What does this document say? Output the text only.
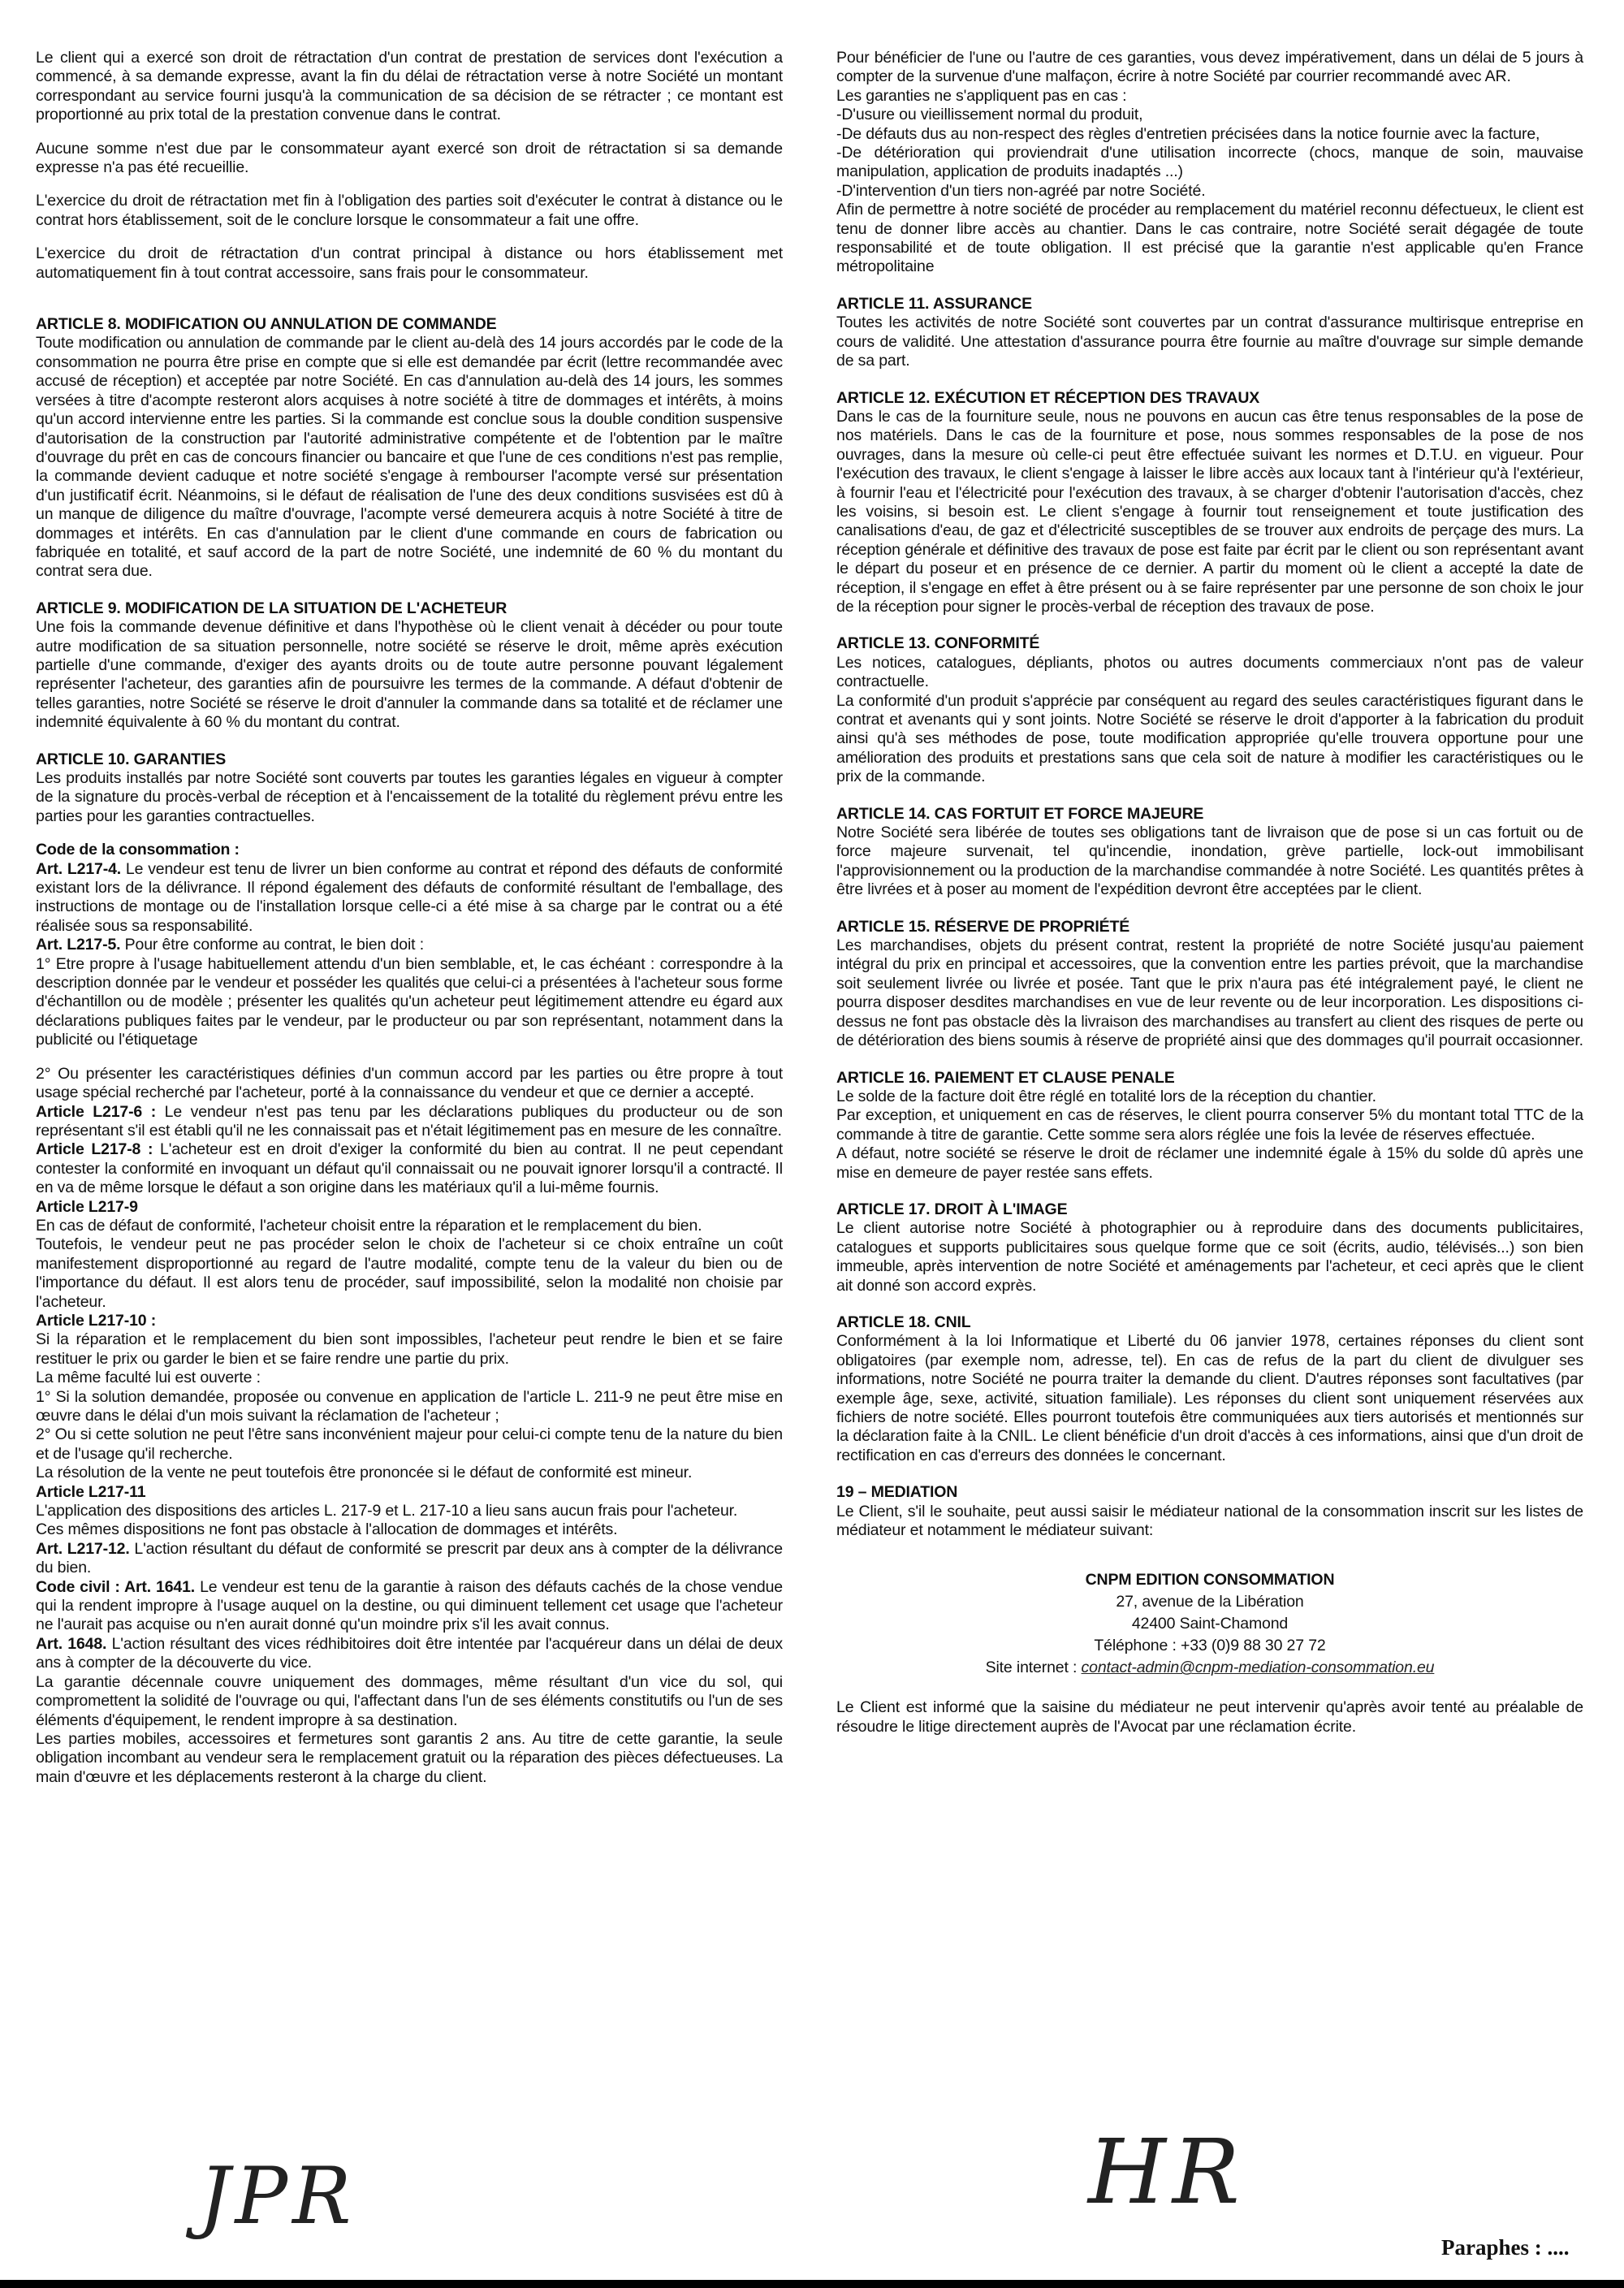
Le client qui a exercé son droit de rétractation d'un contrat de prestation de services dont l'exécution a commencé, à sa demande expresse, avant la fin du délai de rétractation verse à notre Société un montant correspondant au service fourni jusqu'à la communication de sa décision de se rétracter ; ce montant est proportionné au prix total de la prestation convenue dans le contrat.

Aucune somme n'est due par le consommateur ayant exercé son droit de rétractation si sa demande expresse n'a pas été recueillie.

L'exercice du droit de rétractation met fin à l'obligation des parties soit d'exécuter le contrat à distance ou le contrat hors établissement, soit de le conclure lorsque le consommateur a fait une offre.

L'exercice du droit de rétractation d'un contrat principal à distance ou hors établissement met automatiquement fin à tout contrat accessoire, sans frais pour le consommateur.

ARTICLE 8. MODIFICATION OU ANNULATION DE COMMANDE

Toute modification ou annulation de commande par le client au-delà des 14 jours accordés par le code de la consommation ne pourra être prise en compte que si elle est demandée par écrit (lettre recommandée avec accusé de réception) et acceptée par notre Société. En cas d'annulation au-delà des 14 jours, les sommes versées à titre d'acompte resteront alors acquises à notre société à titre de dommages et intérêts, à moins qu'un accord intervienne entre les parties. Si la commande est conclue sous la double condition suspensive d'autorisation de la construction par l'autorité administrative compétente et de l'obtention par le maître d'ouvrage du prêt en cas de concours financier ou bancaire et que l'une de ces conditions n'est pas remplie, la commande devient caduque et notre société s'engage à rembourser l'acompte versé sur présentation d'un justificatif écrit. Néanmoins, si le défaut de réalisation de l'une des deux conditions susvisées est dû à un manque de diligence du maître d'ouvrage, l'acompte versé demeurera acquis à notre Société à titre de dommages et intérêts. En cas d'annulation par le client d'une commande en cours de fabrication ou fabriquée en totalité, et sauf accord de la part de notre Société, une indemnité de 60 % du montant du contrat sera due.

ARTICLE 9. MODIFICATION DE LA SITUATION DE L'ACHETEUR

Une fois la commande devenue définitive et dans l'hypothèse où le client venait à décéder ou pour toute autre modification de sa situation personnelle, notre société se réserve le droit, même après exécution partielle d'une commande, d'exiger des ayants droits ou de toute autre personne pouvant légalement représenter l'acheteur, des garanties afin de poursuivre les termes de la commande. A défaut d'obtenir de telles garanties, notre Société se réserve le droit d'annuler la commande dans sa totalité et de réclamer une indemnité équivalente à 60 % du montant du contrat.

ARTICLE 10. GARANTIES

Les produits installés par notre Société sont couverts par toutes les garanties légales en vigueur à compter de la signature du procès-verbal de réception et à l'encaissement de la totalité du règlement prévu entre les parties pour les garanties contractuelles.

Code de la consommation :

Art. L217-4. Le vendeur est tenu de livrer un bien conforme au contrat et répond des défauts de conformité existant lors de la délivrance. Il répond également des défauts de conformité résultant de l'emballage, des instructions de montage ou de l'installation lorsque celle-ci a été mise à sa charge par le contrat ou a été réalisée sous sa responsabilité.

Art. L217-5. Pour être conforme au contrat, le bien doit :

1° Etre propre à l'usage habituellement attendu d'un bien semblable, et, le cas échéant : correspondre à la description donnée par le vendeur et posséder les qualités que celui-ci a présentées à l'acheteur sous forme d'échantillon ou de modèle ; présenter les qualités qu'un acheteur peut légitimement attendre eu égard aux déclarations publiques faites par le vendeur, par le producteur ou par son représentant, notamment dans la publicité ou l'étiquetage

2° Ou présenter les caractéristiques définies d'un commun accord par les parties ou être propre à tout usage spécial recherché par l'acheteur, porté à la connaissance du vendeur et que ce dernier a accepté.

Article L217-6 : Le vendeur n'est pas tenu par les déclarations publiques du producteur ou de son représentant s'il est établi qu'il ne les connaissait pas et n'était légitimement pas en mesure de les connaître.

Article L217-8 : L'acheteur est en droit d'exiger la conformité du bien au contrat. Il ne peut cependant contester la conformité en invoquant un défaut qu'il connaissait ou ne pouvait ignorer lorsqu'il a contracté. Il en va de même lorsque le défaut a son origine dans les matériaux qu'il a lui-même fournis.

Article L217-9

En cas de défaut de conformité, l'acheteur choisit entre la réparation et le remplacement du bien.

Toutefois, le vendeur peut ne pas procéder selon le choix de l'acheteur si ce choix entraîne un coût manifestement disproportionné au regard de l'autre modalité, compte tenu de la valeur du bien ou de l'importance du défaut. Il est alors tenu de procéder, sauf impossibilité, selon la modalité non choisie par l'acheteur.

Article L217-10 :

Si la réparation et le remplacement du bien sont impossibles, l'acheteur peut rendre le bien et se faire restituer le prix ou garder le bien et se faire rendre une partie du prix.

La même faculté lui est ouverte :

1° Si la solution demandée, proposée ou convenue en application de l'article L. 211-9 ne peut être mise en œuvre dans le délai d'un mois suivant la réclamation de l'acheteur ;

2° Ou si cette solution ne peut l'être sans inconvénient majeur pour celui-ci compte tenu de la nature du bien et de l'usage qu'il recherche.

La résolution de la vente ne peut toutefois être prononcée si le défaut de conformité est mineur.

Article L217-11

L'application des dispositions des articles L. 217-9 et L. 217-10 a lieu sans aucun frais pour l'acheteur.

Ces mêmes dispositions ne font pas obstacle à l'allocation de dommages et intérêts.

Art. L217-12. L'action résultant du défaut de conformité se prescrit par deux ans à compter de la délivrance du bien.

Code civil : Art. 1641. Le vendeur est tenu de la garantie à raison des défauts cachés de la chose vendue qui la rendent impropre à l'usage auquel on la destine, ou qui diminuent tellement cet usage que l'acheteur ne l'aurait pas acquise ou n'en aurait donné qu'un moindre prix s'il les avait connus.

Art. 1648. L'action résultant des vices rédhibitoires doit être intentée par l'acquéreur dans un délai de deux ans à compter de la découverte du vice.

La garantie décennale couvre uniquement des dommages, même résultant d'un vice du sol, qui compromettent la solidité de l'ouvrage ou qui, l'affectant dans l'un de ses éléments constitutifs ou l'un de ses éléments d'équipement, le rendent impropre à sa destination.

Les parties mobiles, accessoires et fermetures sont garantis 2 ans. Au titre de cette garantie, la seule obligation incombant au vendeur sera le remplacement gratuit ou la réparation des pièces défectueuses. La main d'œuvre et les déplacements resteront à la charge du client.

Pour bénéficier de l'une ou l'autre de ces garanties, vous devez impérativement, dans un délai de 5 jours à compter de la survenue d'une malfaçon, écrire à notre Société par courrier recommandé avec AR.

Les garanties ne s'appliquent pas en cas :

-D'usure ou vieillissement normal du produit,

-De défauts dus au non-respect des règles d'entretien précisées dans la notice fournie avec la facture,

-De détérioration qui proviendrait d'une utilisation incorrecte (chocs, manque de soin, mauvaise manipulation, application de produits inadaptés ...)

-D'intervention d'un tiers non-agréé par notre Société.

Afin de permettre à notre société de procéder au remplacement du matériel reconnu défectueux, le client est tenu de donner libre accès au chantier. Dans le cas contraire, notre Société serait dégagée de toute responsabilité et de toute obligation. Il est précisé que la garantie n'est applicable qu'en France métropolitaine

ARTICLE 11. ASSURANCE

Toutes les activités de notre Société sont couvertes par un contrat d'assurance multirisque entreprise en cours de validité. Une attestation d'assurance pourra être fournie au maître d'ouvrage sur simple demande de sa part.

ARTICLE 12. EXÉCUTION ET RÉCEPTION DES TRAVAUX

Dans le cas de la fourniture seule, nous ne pouvons en aucun cas être tenus responsables de la pose de nos matériels. Dans le cas de la fourniture et pose, nous sommes responsables de la pose de nos ouvrages, dans la mesure où celle-ci peut être effectuée suivant les normes et D.T.U. en vigueur. Pour l'exécution des travaux, le client s'engage à laisser le libre accès aux locaux tant à l'intérieur qu'à l'extérieur, à fournir l'eau et l'électricité pour l'exécution des travaux, à se charger d'obtenir l'autorisation d'accès, chez les voisins, si besoin est. Le client s'engage à fournir tout renseignement et toute justification des canalisations d'eau, de gaz et d'électricité susceptibles de se trouver aux endroits de perçage des murs. La réception générale et définitive des travaux de pose est faite par écrit par le client ou son représentant avant le départ du poseur et en présence de ce dernier. A partir du moment où le client a accepté la date de réception, il s'engage en effet à être présent ou à se faire représenter par une personne de son choix le jour de la réception pour signer le procès-verbal de réception des travaux de pose.

ARTICLE 13. CONFORMITÉ

Les notices, catalogues, dépliants, photos ou autres documents commerciaux n'ont pas de valeur contractuelle.

La conformité d'un produit s'apprécie par conséquent au regard des seules caractéristiques figurant dans le contrat et avenants qui y sont joints. Notre Société se réserve le droit d'apporter à la fabrication du produit ainsi qu'à ses méthodes de pose, toute modification appropriée qu'elle trouvera opportune pour une amélioration des produits et prestations sans que cela soit de nature à modifier les caractéristiques ou le prix de la commande.

ARTICLE 14. CAS FORTUIT ET FORCE MAJEURE

Notre Société sera libérée de toutes ses obligations tant de livraison que de pose si un cas fortuit ou de force majeure survenait, tel qu'incendie, inondation, grève partielle, lock-out immobilisant l'approvisionnement ou la production de la marchandise commandée à notre Société. Les quantités prêtes à être livrées et à poser au moment de l'expédition devront être acceptées par le client.

ARTICLE 15. RÉSERVE DE PROPRIÉTÉ

Les marchandises, objets du présent contrat, restent la propriété de notre Société jusqu'au paiement intégral du prix en principal et accessoires, que la convention entre les parties prévoit, que la marchandise soit seulement livrée ou livrée et posée. Tant que le prix n'aura pas été intégralement payé, le client ne pourra disposer desdites marchandises en vue de leur revente ou de leur incorporation. Les dispositions ci-dessus ne font pas obstacle dès la livraison des marchandises au transfert au client des risques de perte ou de détérioration des biens soumis à réserve de propriété ainsi que des dommages qu'il pourrait occasionner.

ARTICLE 16. PAIEMENT ET CLAUSE PENALE

Le solde de la facture doit être réglé en totalité lors de la réception du chantier.

Par exception, et uniquement en cas de réserves, le client pourra conserver 5% du montant total TTC de la commande à titre de garantie. Cette somme sera alors réglée une fois la levée de réserves effectuée.

A défaut, notre société se réserve le droit de réclamer une indemnité égale à 15% du solde dû après une mise en demeure de payer restée sans effets.

ARTICLE 17. DROIT À L'IMAGE

Le client autorise notre Société à photographier ou à reproduire dans des documents publicitaires, catalogues et supports publicitaires sous quelque forme que ce soit (écrits, audio, télévisés...) son bien immeuble, après intervention de notre Société et aménagements par l'acheteur, et ceci après que le client ait donné son accord exprès.

ARTICLE 18. CNIL

Conformément à la loi Informatique et Liberté du 06 janvier 1978, certaines réponses du client sont obligatoires (par exemple nom, adresse, tel). En cas de refus de la part du client de divulguer ses informations, notre Société ne pourra traiter la demande du client. D'autres réponses sont facultatives (par exemple âge, sexe, activité, situation familiale). Les réponses du client sont uniquement réservées aux fichiers de notre société. Elles pourront toutefois être communiquées aux tiers autorisés et mentionnés sur la déclaration faite à la CNIL. Le client bénéficie d'un droit d'accès à ces informations, ainsi que d'un droit de rectification en cas d'erreurs des données le concernant.

19 – MEDIATION

Le Client, s'il le souhaite, peut aussi saisir le médiateur national de la consommation inscrit sur les listes de médiateur et notamment le médiateur suivant:

CNPM EDITION CONSOMMATION
27, avenue de la Libération
42400 Saint-Chamond
Téléphone : +33 (0)9 88 30 27 72
Site internet : contact-admin@cnpm-mediation-consommation.eu

Le Client est informé que la saisine du médiateur ne peut intervenir qu'après avoir tenté au préalable de résoudre le litige directement auprès de l'Avocat par une réclamation écrite.

JPR	HR
Paraphes : ....
